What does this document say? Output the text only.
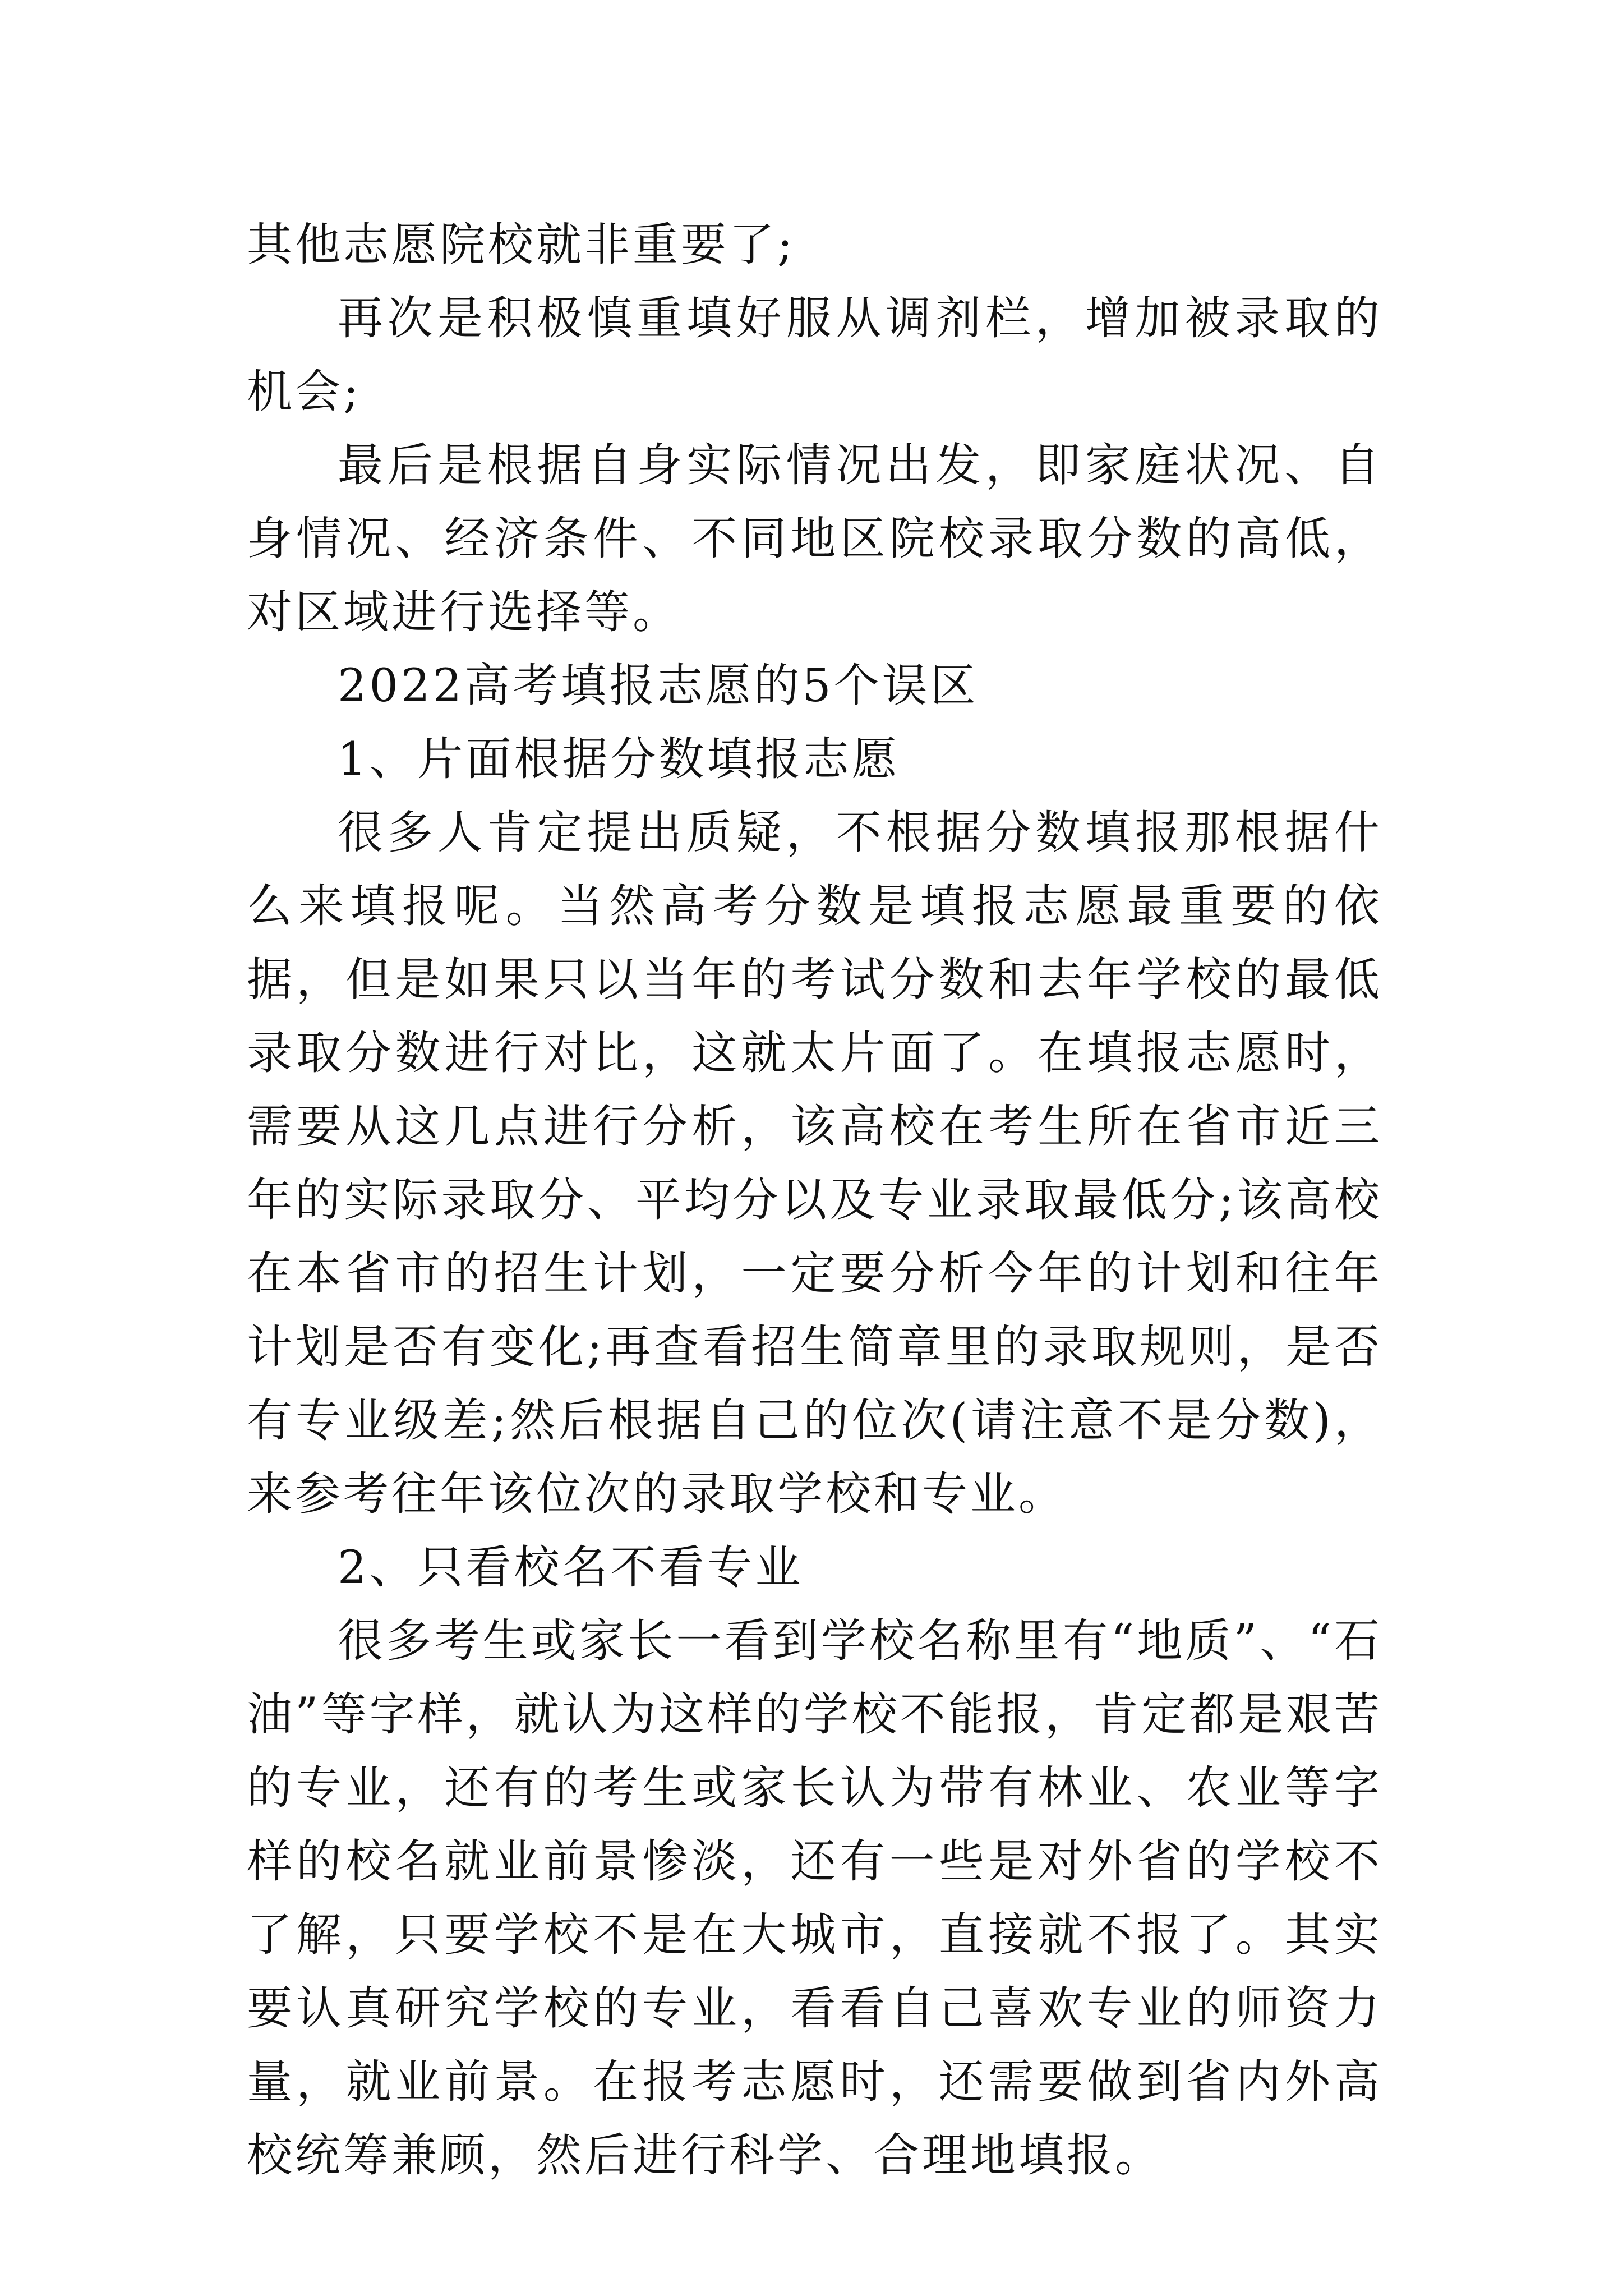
其他志愿院校就非重要了;

再次是积极慎重填好服从调剂栏，增加被录取的机会;

最后是根据自身实际情况出发，即家庭状况、自身情况、经济条件、不同地区院校录取分数的高低，对区域进行选择等。

2022高考填报志愿的5个误区

1、片面根据分数填报志愿

很多人肯定提出质疑，不根据分数填报那根据什么来填报呢。当然高考分数是填报志愿最重要的依据，但是如果只以当年的考试分数和去年学校的最低录取分数进行对比，这就太片面了。在填报志愿时，需要从这几点进行分析，该高校在考生所在省市近三年的实际录取分、平均分以及专业录取最低分;该高校在本省市的招生计划，一定要分析今年的计划和往年计划是否有变化;再查看招生简章里的录取规则，是否有专业级差;然后根据自己的位次(请注意不是分数)，来参考往年该位次的录取学校和专业。

2、只看校名不看专业

很多考生或家长一看到学校名称里有“地质”、“石油”等字样，就认为这样的学校不能报，肯定都是艰苦的专业，还有的考生或家长认为带有林业、农业等字样的校名就业前景惨淡，还有一些是对外省的学校不了解，只要学校不是在大城市，直接就不报了。其实要认真研究学校的专业，看看自己喜欢专业的师资力量，就业前景。在报考志愿时，还需要做到省内外高校统筹兼顾，然后进行科学、合理地填报。
